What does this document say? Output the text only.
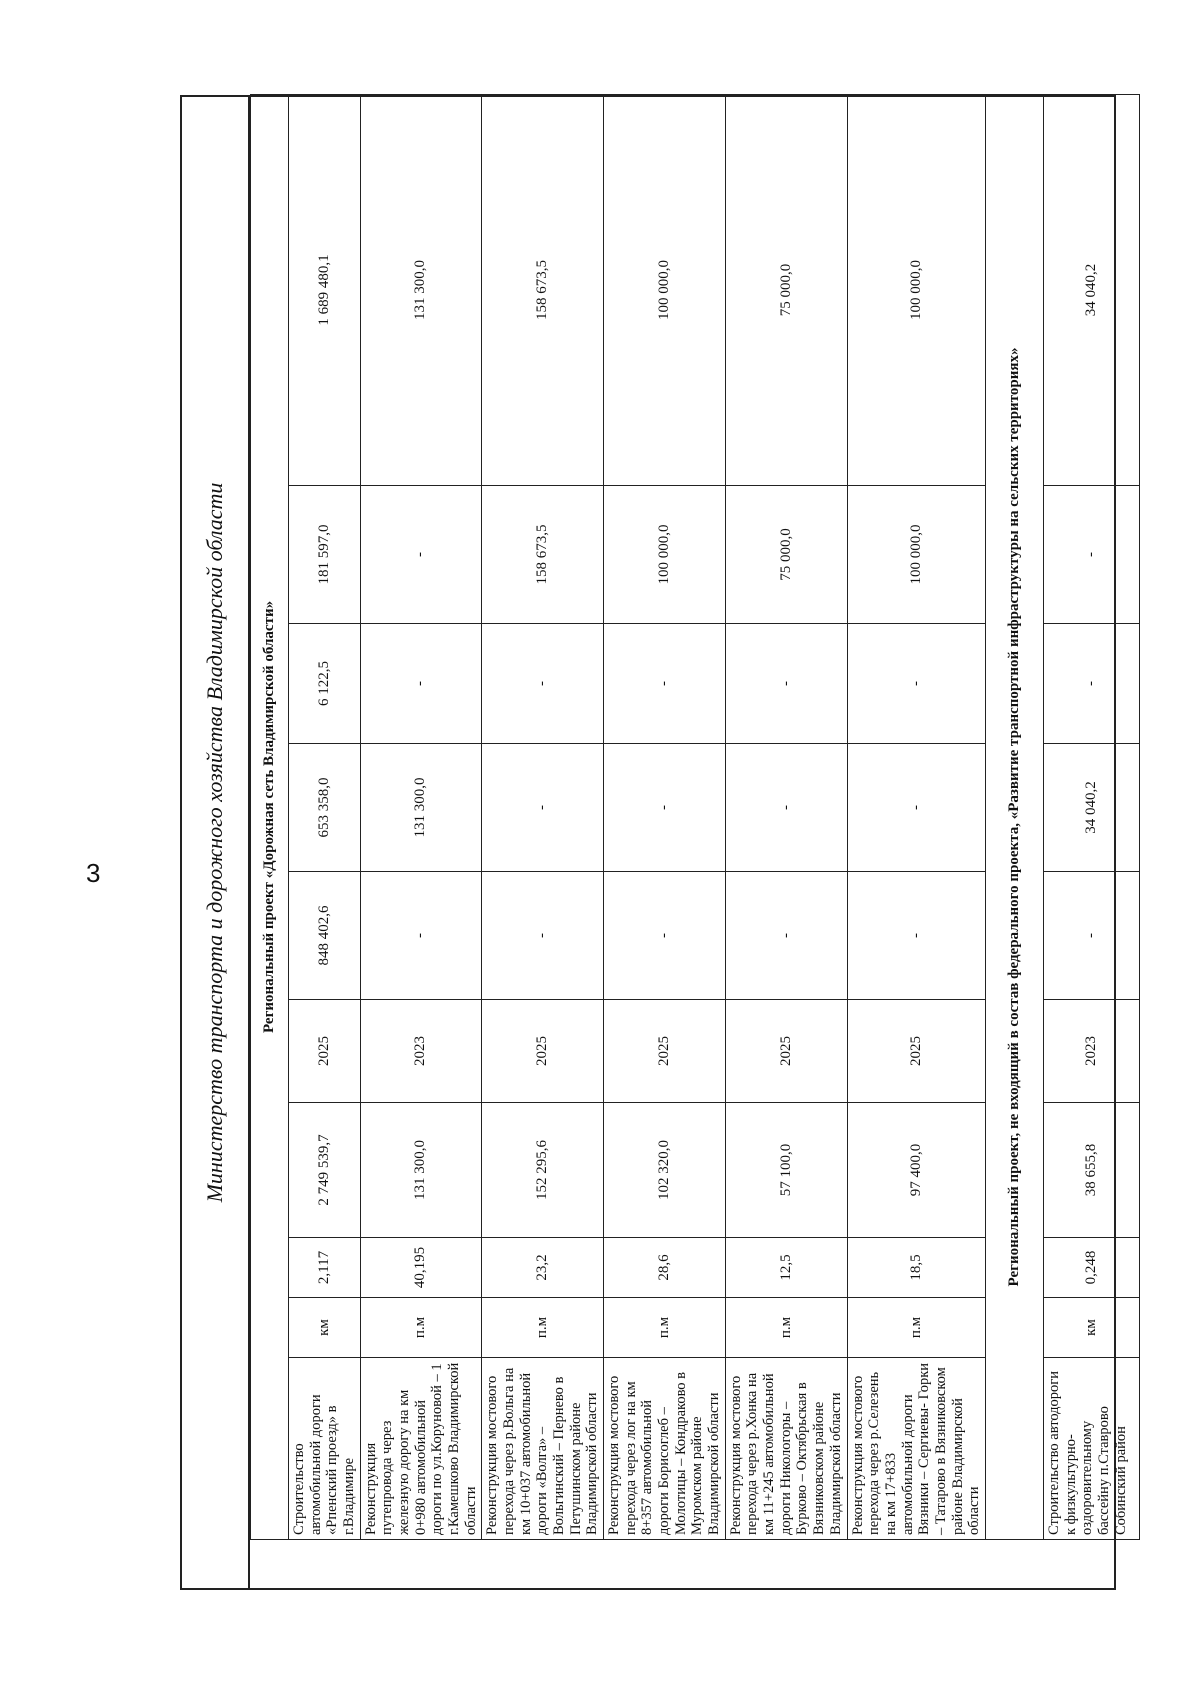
3	Министерство транспорта и дорожного хозяйства Владимирской области	Региональный проект «Дорожная сеть Владимирской области»									
Строительство автомобильной дороги «Рпенский проезд» в г.Владимире	км	2,117	2 749 539,7	2025	848 402,6	653 358,0	6 122,5	181 597,0	1 689 480,1
Реконструкция путепровода через железную дорогу на км 0+980 автомобильной дороги по ул.Коруновой – 1 г.Камешково Владимирской области	п.м	40,195	131 300,0	2023	-	131 300,0	-	-	131 300,0
Реконструкция мостового перехода через р.Вольга на км 10+037 автомобильной дороги «Волга» – Вольгинский – Пернево в Петушинском районе Владимирской области	п.м	23,2	152 295,6	2025	-	-	-	158 673,5	158 673,5
Реконструкция мостового перехода через лог на км 8+357 автомобильной дороги Борисоглеб – Молотицы – Кондраково в Муромском районе Владимирской области	п.м	28,6	102 320,0	2025	-	-	-	100 000,0	100 000,0
Реконструкция мостового перехода через р.Хонка на км 11+245 автомобильной дороги Никологоры – Бурково – Октябрьская в Вязниковском районе Владимирской области	п.м	12,5	57 100,0	2025	-	-	-	75 000,0	75 000,0
Реконструкция мостового перехода через р.Селезень на км 17+833 автомобильной дороги Вязники – Сергиевы- Горки – Татарово в Вязниковском районе Владимирской области	п.м	18,5	97 400,0	2025	-	-	-	100 000,0	100 000,0
Региональный проект, не входящий в состав федерального проекта, «Развитие транспортной инфраструктуры на сельских территориях»									
Строительство автодороги к физкультурно-оздоровительному бассейну п.Ставрово Собинский район	км	0,248	38 655,8	2023	-	34 040,2	-	-	34 040,2
